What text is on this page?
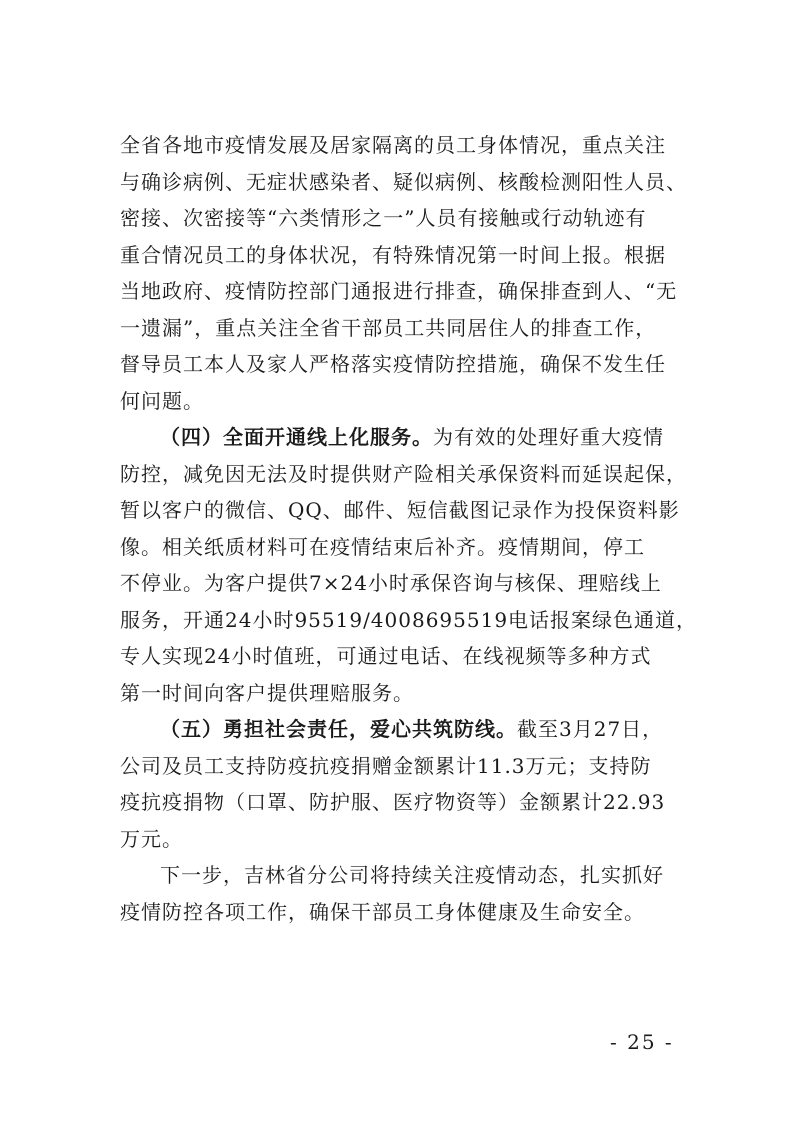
全省各地市疫情发展及居家隔离的员工身体情况，重点关注
与确诊病例、无症状感染者、疑似病例、核酸检测阳性人员、
密接、次密接等“六类情形之一”人员有接触或行动轨迹有
重合情况员工的身体状况，有特殊情况第一时间上报。根据
当地政府、疫情防控部门通报进行排查，确保排查到人、“无
一遗漏”，重点关注全省干部员工共同居住人的排查工作，
督导员工本人及家人严格落实疫情防控措施，确保不发生任
何问题。
（四）全面开通线上化服务。为有效的处理好重大疫情
防控，减免因无法及时提供财产险相关承保资料而延误起保，
暂以客户的微信、QQ、邮件、短信截图记录作为投保资料影
像。相关纸质材料可在疫情结束后补齐。疫情期间，停工
不停业。为客户提供7×24小时承保咨询与核保、理赔线上
服务，开通24小时95519/4008695519电话报案绿色通道，
专人实现24小时值班，可通过电话、在线视频等多种方式
第一时间向客户提供理赔服务。
（五）勇担社会责任，爱心共筑防线。截至3月27日，
公司及员工支持防疫抗疫捐赠金额累计11.3万元；支持防
疫抗疫捐物（口罩、防护服、医疗物资等）金额累计22.93
万元。
下一步，吉林省分公司将持续关注疫情动态，扎实抓好
疫情防控各项工作，确保干部员工身体健康及生命安全。
- 25 -
